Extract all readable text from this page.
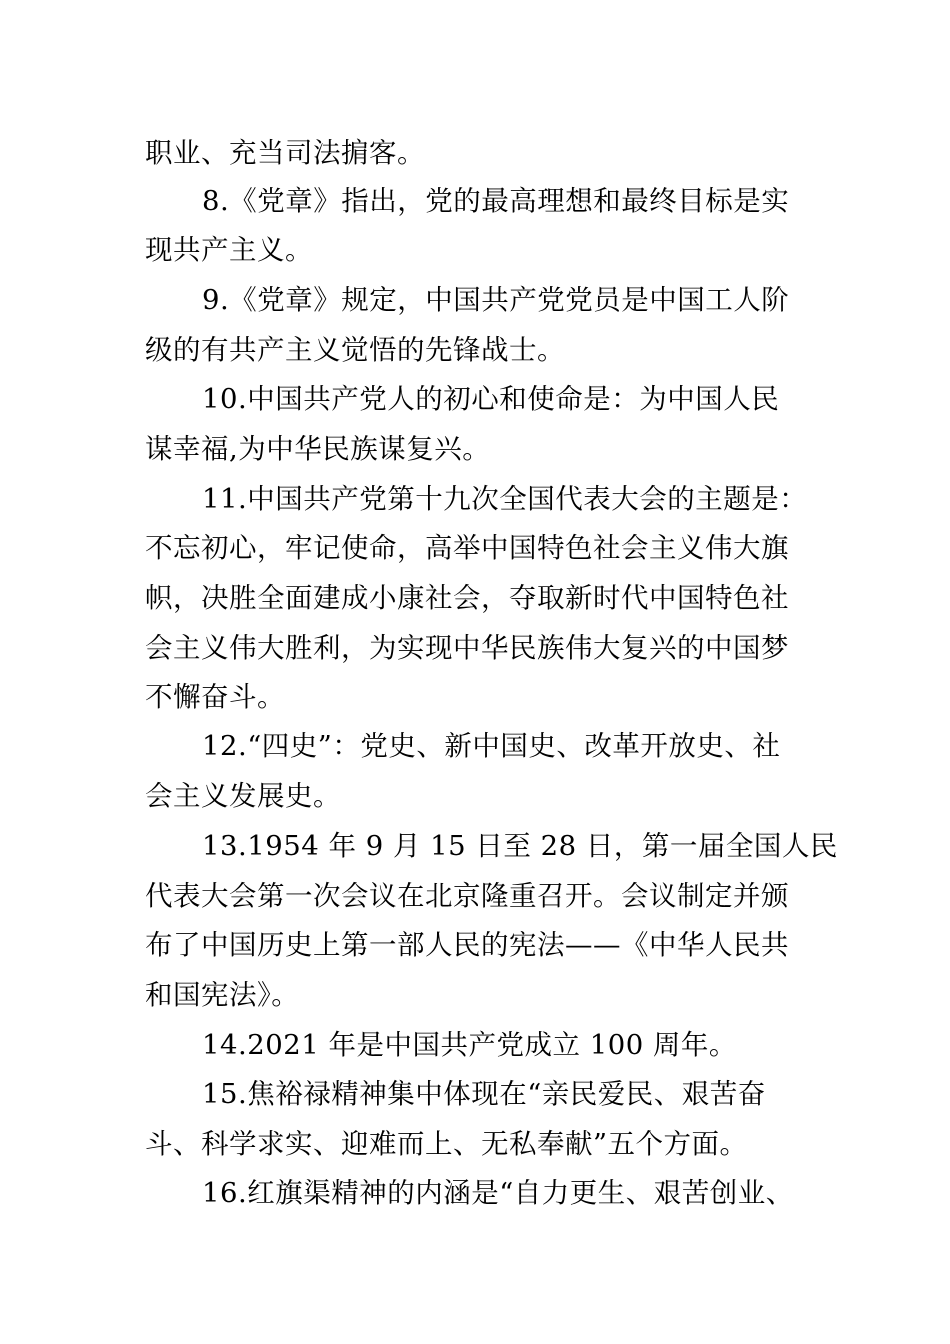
职业、充当司法掮客。
8.《党章》指出，党的最高理想和最终目标是实
现共产主义。
9.《党章》规定，中国共产党党员是中国工人阶
级的有共产主义觉悟的先锋战士。
10.中国共产党人的初心和使命是：为中国人民
谋幸福,为中华民族谋复兴。
11.中国共产党第十九次全国代表大会的主题是：
不忘初心，牢记使命，高举中国特色社会主义伟大旗
帜，决胜全面建成小康社会，夺取新时代中国特色社
会主义伟大胜利，为实现中华民族伟大复兴的中国梦
不懈奋斗。
12.“四史”：党史、新中国史、改革开放史、社
会主义发展史。
13.1954 年 9 月 15 日至 28 日，第一届全国人民
代表大会第一次会议在北京隆重召开。会议制定并颁
布了中国历史上第一部人民的宪法——《中华人民共
和国宪法》。
14.2021 年是中国共产党成立 100 周年。
15.焦裕禄精神集中体现在“亲民爱民、艰苦奋
斗、科学求实、迎难而上、无私奉献”五个方面。
16.红旗渠精神的内涵是“自力更生、艰苦创业、
